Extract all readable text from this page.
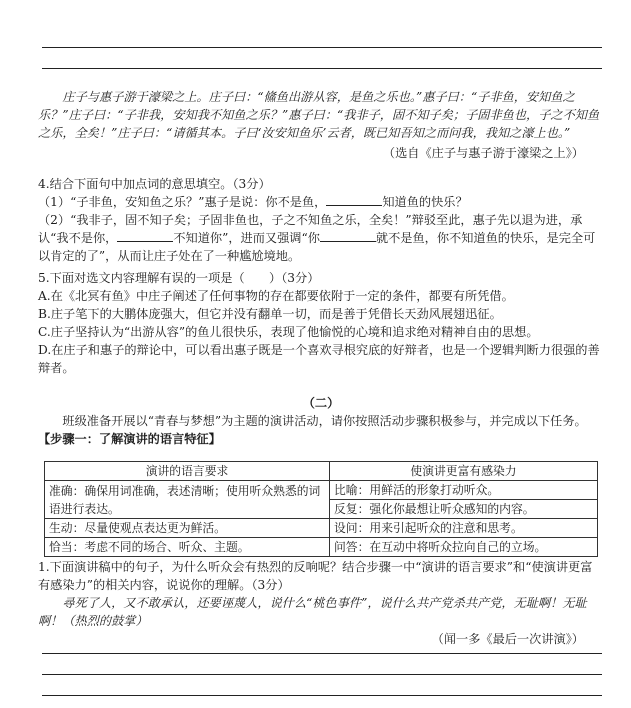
庄子与惠子游于濠梁之上。庄子曰：“鯈鱼出游从容，是鱼之乐也。”惠子曰：“子非鱼，安知鱼之乐？”庄子曰：“子非我，安知我不知鱼之乐？”惠子曰：“我非子，固不知子矣；子固非鱼也，子之不知鱼之乐，全矣！”庄子曰：“请循其本。子曰‘汝安知鱼乐’云者，既已知吾知之而问我，我知之濠上也。”

（选自《庄子与惠子游于濠梁之上》）

4.结合下面句中加点词的意思填空。（3分）

（1）“子非鱼，安知鱼之乐？”惠子是说：你不是鱼，	知道鱼的快乐？

（2）“我非子，固不知子矣；子固非鱼也，子之不知鱼之乐，全矣！”辩驳至此，惠子先以退为进，承认“我不是你，	不知道你”，进而又强调“你	就不是鱼，你不知道鱼的快乐，是完全可以肯定的了”，从而让庄子处在了一种尴尬境地。

5.下面对选文内容理解有误的一项是（　　）（3分）

A.在《北冥有鱼》中庄子阐述了任何事物的存在都要依附于一定的条件，都要有所凭借。

B.庄子笔下的大鹏体庞强大，但它并没有翻单一切，而是善于凭借长天劲风展翅迅征。

C.庄子坚持认为“出游从容”的鱼儿很快乐，表现了他愉悦的心境和追求绝对精神自由的思想。

D.在庄子和惠子的辩论中，可以看出惠子既是一个喜欢寻根究底的好辩者，也是一个逻辑判断力很强的善辩者。

（二）

班级准备开展以“青春与梦想”为主题的演讲活动，请你按照活动步骤积极参与，并完成以下任务。

【步骤一：了解演讲的语言特征】

演讲的语言要求	使演讲更富有感染力
准确：确保用词准确，表述清晰；使用听众熟悉的词语进行表达。	比喻：用鲜活的形象打动听众。
	反复：强化你最想让听众感知的内容。
生动：尽量使观点表达更为鲜活。	设问：用来引起听众的注意和思考。
恰当：考虑不同的场合、听众、主题。	问答：在互动中将听众拉向自己的立场。

1.下面演讲稿中的句子，为什么听众会有热烈的反响呢？结合步骤一中“演讲的语言要求”和“使演讲更富有感染力”的相关内容，说说你的理解。（3分）

尋死了人，又不敢承认，还要诬蔑人，说什么“桃色事件”，说什么共产党杀共产党，无耻啊！无耻啊！（热烈的鼓掌）

（闻一多《最后一次讲演》）
